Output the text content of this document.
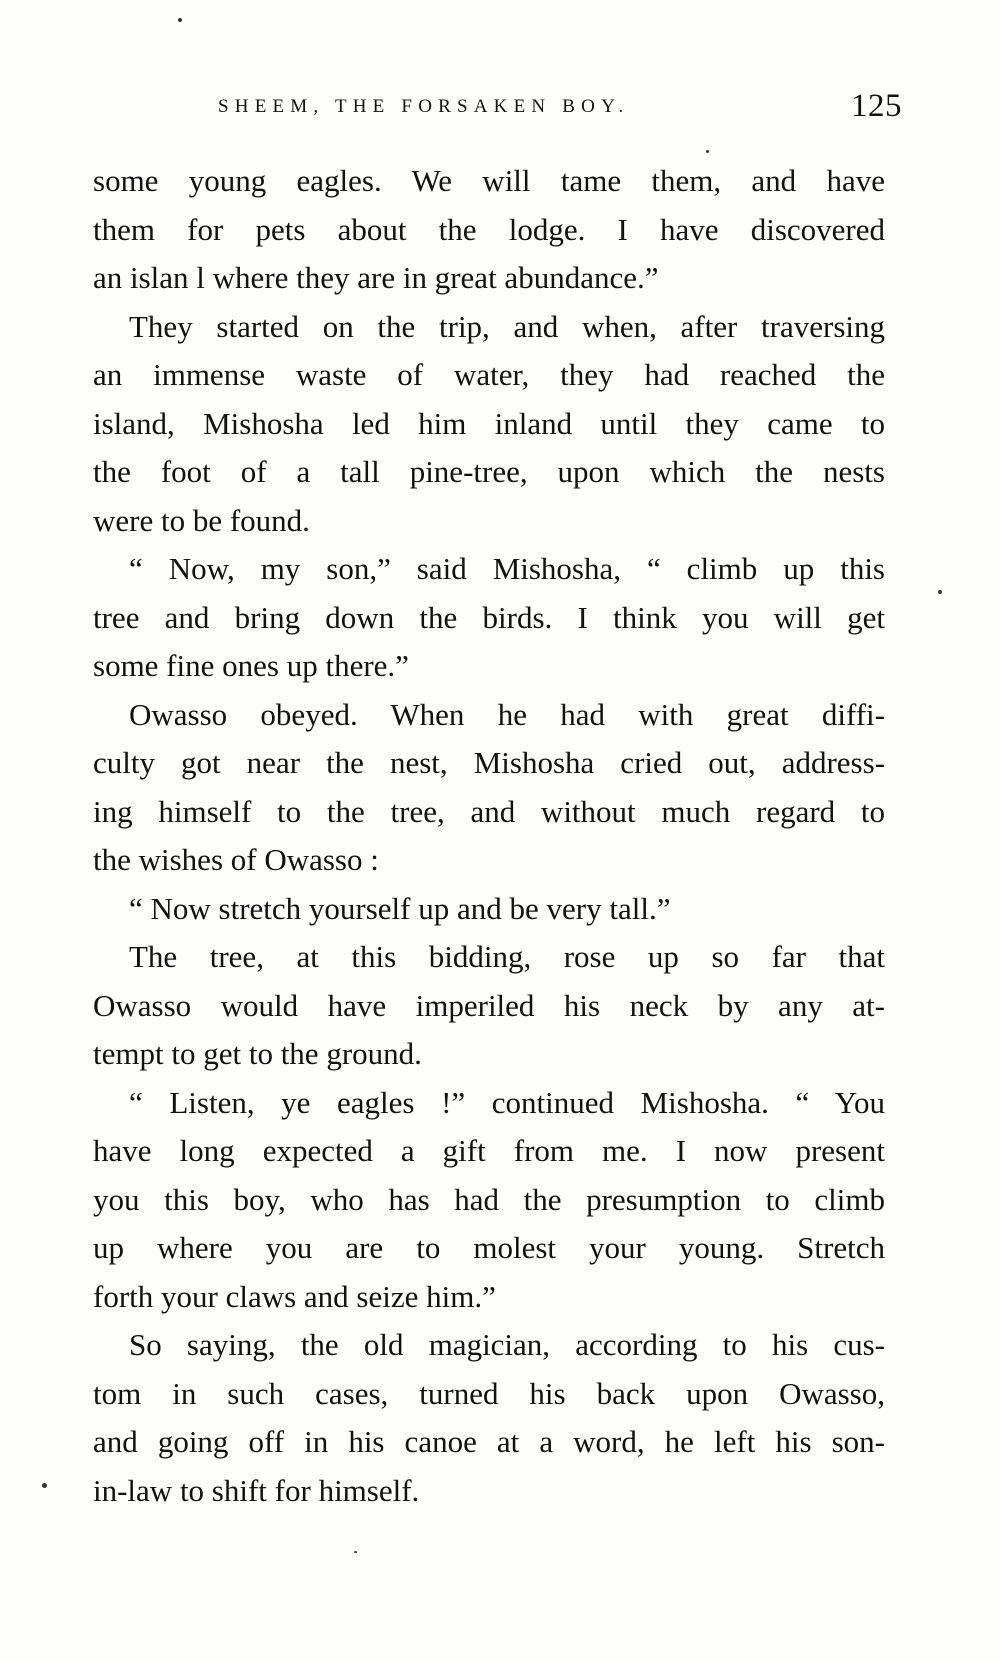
SHEEM, THE FORSAKEN BOY.	125
some young eagles. We will tame them, and have
them for pets about the lodge. I have discovered
an islan l where they are in great abundance.”
They started on the trip, and when, after traversing
an immense waste of water, they had reached the
island, Mishosha led him inland until they came to
the foot of a tall pine-tree, upon which the nests
were to be found.
“ Now, my son,” said Mishosha, “ climb up this
tree and bring down the birds. I think you will get
some fine ones up there.”
Owasso obeyed. When he had with great diffi-
culty got near the nest, Mishosha cried out, address-
ing himself to the tree, and without much regard to
the wishes of Owasso :
“ Now stretch yourself up and be very tall.”
The tree, at this bidding, rose up so far that
Owasso would have imperiled his neck by any at-
tempt to get to the ground.
“ Listen, ye eagles !” continued Mishosha. “ You
have long expected a gift from me. I now present
you this boy, who has had the presumption to climb
up where you are to molest your young. Stretch
forth your claws and seize him.”
So saying, the old magician, according to his cus-
tom in such cases, turned his back upon Owasso,
and going off in his canoe at a word, he left his son-
in-law to shift for himself.
